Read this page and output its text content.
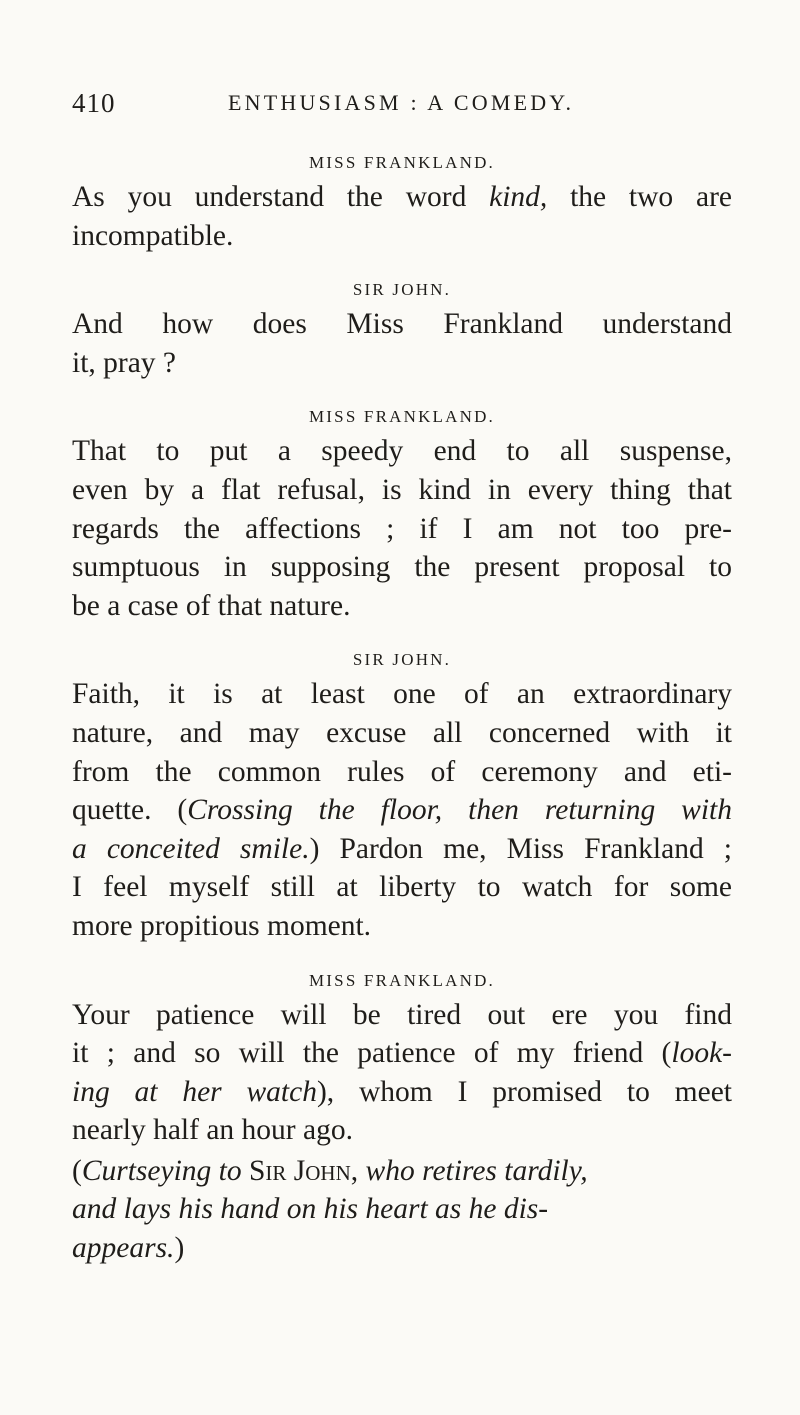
410	ENTHUSIASM : A COMEDY.

MISS FRANKLAND.

As you understand the word kind, the two are
incompatible.

SIR JOHN.

And how does Miss Frankland understand
it, pray ?

MISS FRANKLAND.

That to put a speedy end to all suspense,
even by a flat refusal, is kind in every thing that
regards the affections ; if I am not too pre-
sumptuous in supposing the present proposal to
be a case of that nature.

SIR JOHN.

Faith, it is at least one of an extraordinary
nature, and may excuse all concerned with it
from the common rules of ceremony and eti-
quette. (Crossing the floor, then returning with
a conceited smile.) Pardon me, Miss Frankland ;
I feel myself still at liberty to watch for some
more propitious moment.

MISS FRANKLAND.

Your patience will be tired out ere you find
it ; and so will the patience of my friend (look-
ing at her watch), whom I promised to meet
nearly half an hour ago.
(Curtseying to Sir John, who retires tardily,
and lays his hand on his heart as he dis-
appears.)
